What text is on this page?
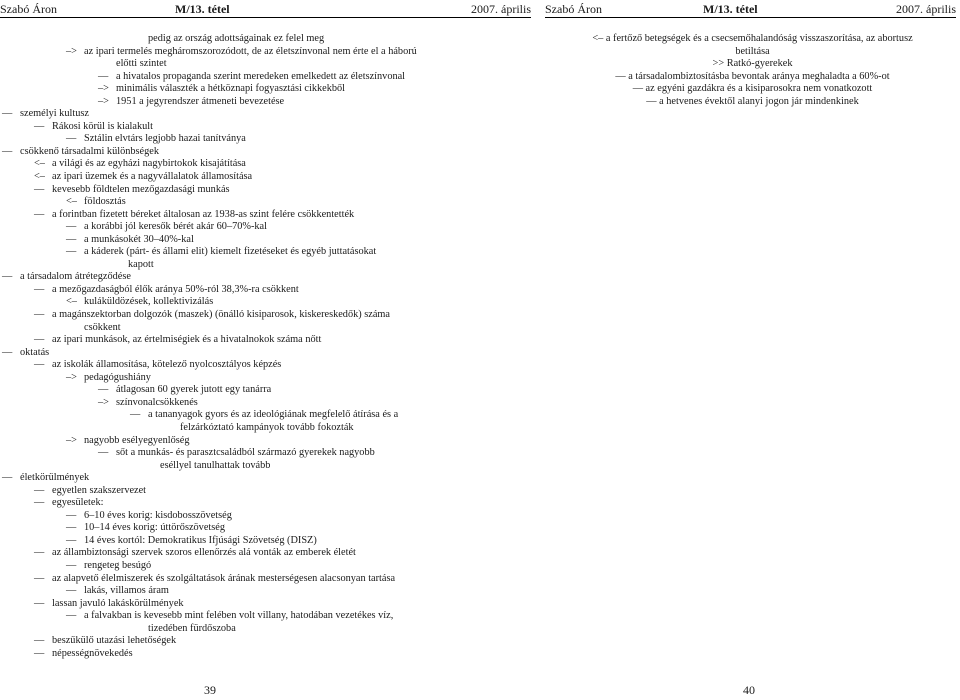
Szabó Áron	M/13. tétel	2007. április
pedig az ország adottságainak ez felel meg
–> az ipari termelés megháromszorozódott, de az életszínvonal nem érte el a háború
előtti szintet
— a hivatalos propaganda szerint meredeken emelkedett az életszínvonal
–> minimális választék a hétköznapi fogyasztási cikkekből
–> 1951 a jegyrendszer átmeneti bevezetése
— személyi kultusz
— Rákosi körül is kialakult
— Sztálin elvtárs legjobb hazai tanítványa
— csökkenő társadalmi különbségek
<– a világi és az egyházi nagybirtokok kisajátítása
<– az ipari üzemek és a nagyvállalatok államosítása
— kevesebb földtelen mezőgazdasági munkás
<– földosztás
— a forintban fizetett béreket általosan az 1938-as szint felére csökkentették
— a korábbi jól keresők bérét akár 60–70%-kal
— a munkásokét 30–40%-kal
— a káderek (párt- és állami elit) kiemelt fizetéseket és egyéb juttatásokat
kapott
— a társadalom átrétegződése
— a mezőgazdaságból élők aránya 50%-ról 38,3%-ra csökkent
<– kuláküldözések, kollektivizálás
— a magánszektorban dolgozók (maszek) (önálló kisiparosok, kiskereskedők) száma
csökkent
— az ipari munkások, az értelmiségiek és a hivatalnokok száma nőtt
— oktatás
— az iskolák államosítása, kötelező nyolcosztályos képzés
–> pedagógushiány
— átlagosan 60 gyerek jutott egy tanárra
–> színvonalcsökkenés
— a tananyagok gyors és az ideológiának megfelelő átírása és a
felzárkóztató kampányok tovább fokozták
–> nagyobb esélyegyenlőség
— sőt a munkás- és parasztcsaládból származó gyerekek nagyobb
eséllyel tanulhattak tovább
— életkörülmények
— egyetlen szakszervezet
— egyesületek:
— 6–10 éves korig: kisdobosszövetség
— 10–14 éves korig: úttörőszövetség
— 14 éves kortól: Demokratikus Ifjúsági Szövetség (DISZ)
— az állambiztonsági szervek szoros ellenőrzés alá vonták az emberek életét
— rengeteg besúgó
— az alapvető élelmiszerek és szolgáltatások árának mesterségesen alacsonyan tartása
— lakás, villamos áram
— lassan javuló lakáskörülmények
— a falvakban is kevesebb mint felében volt villany, hatodában vezetékes víz,
tizedében fürdőszoba
— beszűkülő utazási lehetőségek
— népességnövekedés
39
Szabó Áron	M/13. tétel	2007. április
<– a fertőző betegségek és a csecsemőhalandóság visszaszorítása, az abortusz
betiltása
>> Ratkó-gyerekek
— a társadalombiztosításba bevontak aránya meghaladta a 60%-ot
— az egyéni gazdákra és a kisiparosokra nem vonatkozott
— a hetvenes évektől alanyi jogon jár mindenkinek
40
